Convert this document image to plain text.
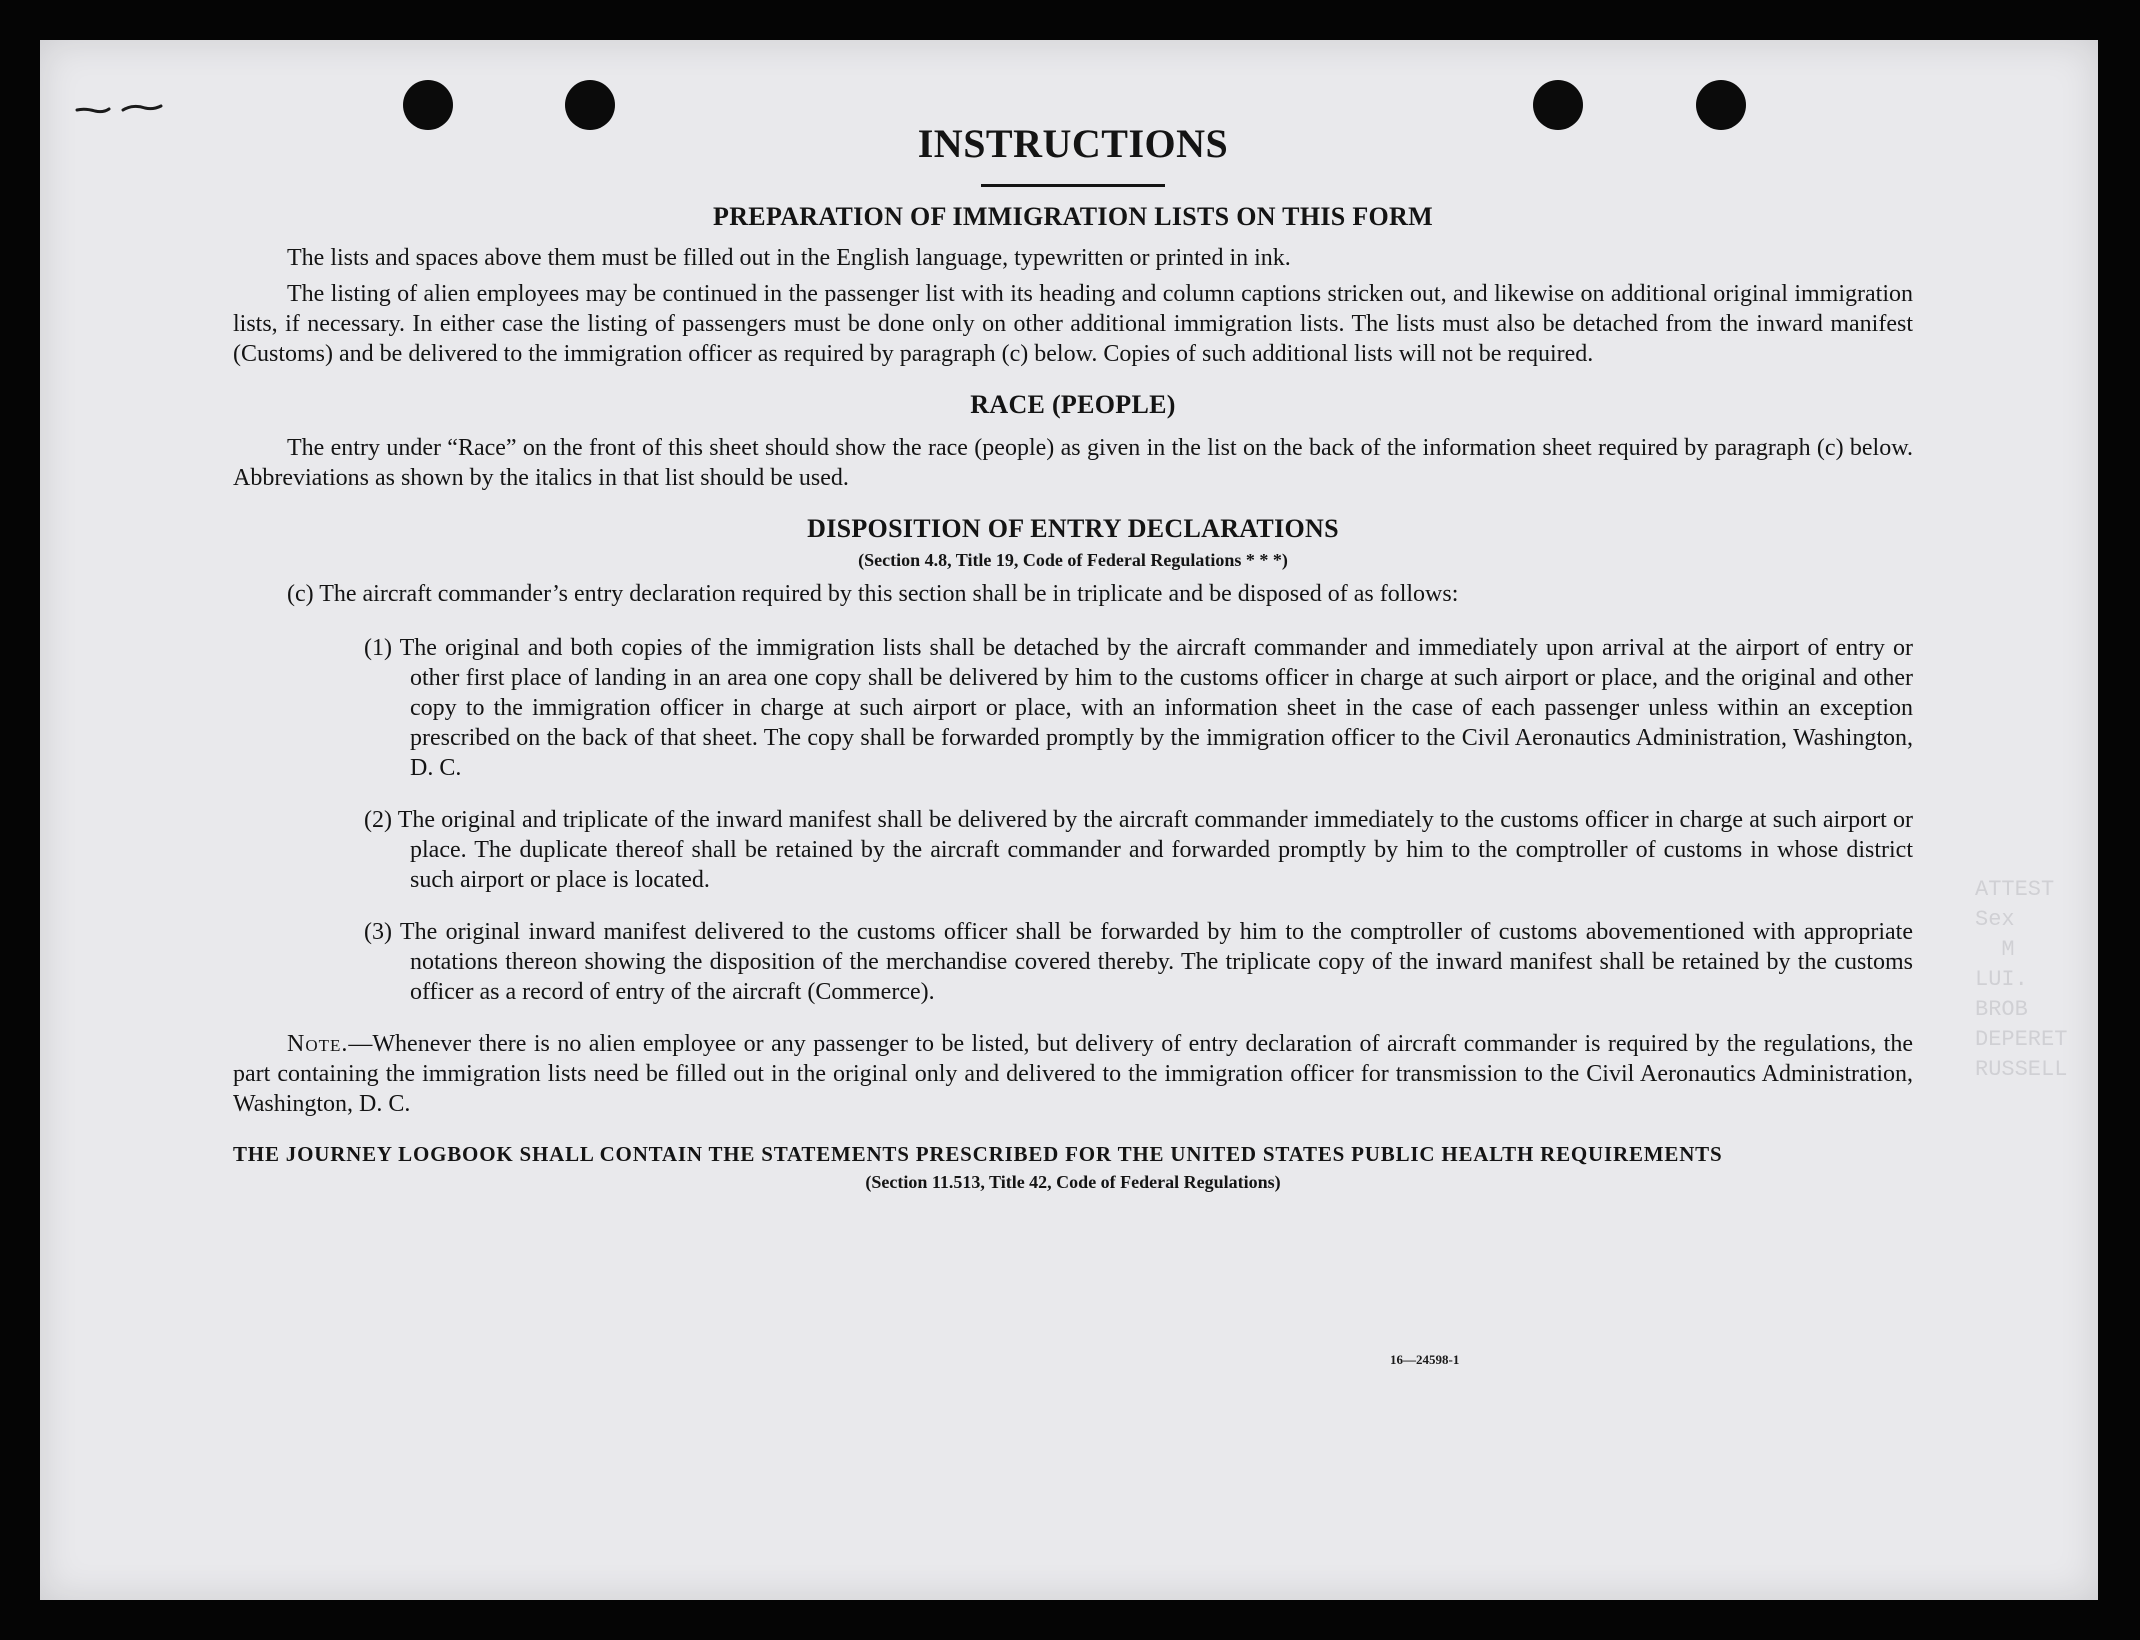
ATTEST
Sex
M
LUI.
BROB
DEPERET
RUSSELL
INSTRUCTIONS
PREPARATION OF IMMIGRATION LISTS ON THIS FORM

The lists and spaces above them must be filled out in the English language, typewritten or printed in ink.

The listing of alien employees may be continued in the passenger list with its heading and column captions stricken out, and likewise on additional original immigration lists, if necessary. In either case the listing of passengers must be done only on other additional immigration lists. The lists must also be detached from the inward manifest (Customs) and be delivered to the immigration officer as required by paragraph (c) below. Copies of such additional lists will not be required.

RACE (PEOPLE)

The entry under “Race” on the front of this sheet should show the race (people) as given in the list on the back of the information sheet required by paragraph (c) below. Abbreviations as shown by the italics in that list should be used.

DISPOSITION OF ENTRY DECLARATIONS
(Section 4.8, Title 19, Code of Federal Regulations * * *)

(c) The aircraft commander’s entry declaration required by this section shall be in triplicate and be disposed of as follows:

(1) The original and both copies of the immigration lists shall be detached by the aircraft commander and immediately upon arrival at the airport of entry or other first place of landing in an area one copy shall be delivered by him to the customs officer in charge at such airport or place, and the original and other copy to the immigration officer in charge at such airport or place, with an information sheet in the case of each passenger unless within an exception prescribed on the back of that sheet. The copy shall be forwarded promptly by the immigration officer to the Civil Aeronautics Administration, Washington, D. C.

(2) The original and triplicate of the inward manifest shall be delivered by the aircraft commander immediately to the customs officer in charge at such airport or place. The duplicate thereof shall be retained by the aircraft commander and forwarded promptly by him to the comptroller of customs in whose district such airport or place is located.

(3) The original inward manifest delivered to the customs officer shall be forwarded by him to the comptroller of customs abovementioned with appropriate notations thereon showing the disposition of the merchandise covered thereby. The triplicate copy of the inward manifest shall be retained by the customs officer as a record of entry of the aircraft (Commerce).

Note.—Whenever there is no alien employee or any passenger to be listed, but delivery of entry declaration of aircraft commander is required by the regulations, the part containing the immigration lists need be filled out in the original only and delivered to the immigration officer for transmission to the Civil Aeronautics Administration, Washington, D. C.

THE JOURNEY LOGBOOK SHALL CONTAIN THE STATEMENTS PRESCRIBED FOR THE UNITED STATES PUBLIC HEALTH REQUIREMENTS

(Section 11.513, Title 42, Code of Federal Regulations)
16—24598-1
